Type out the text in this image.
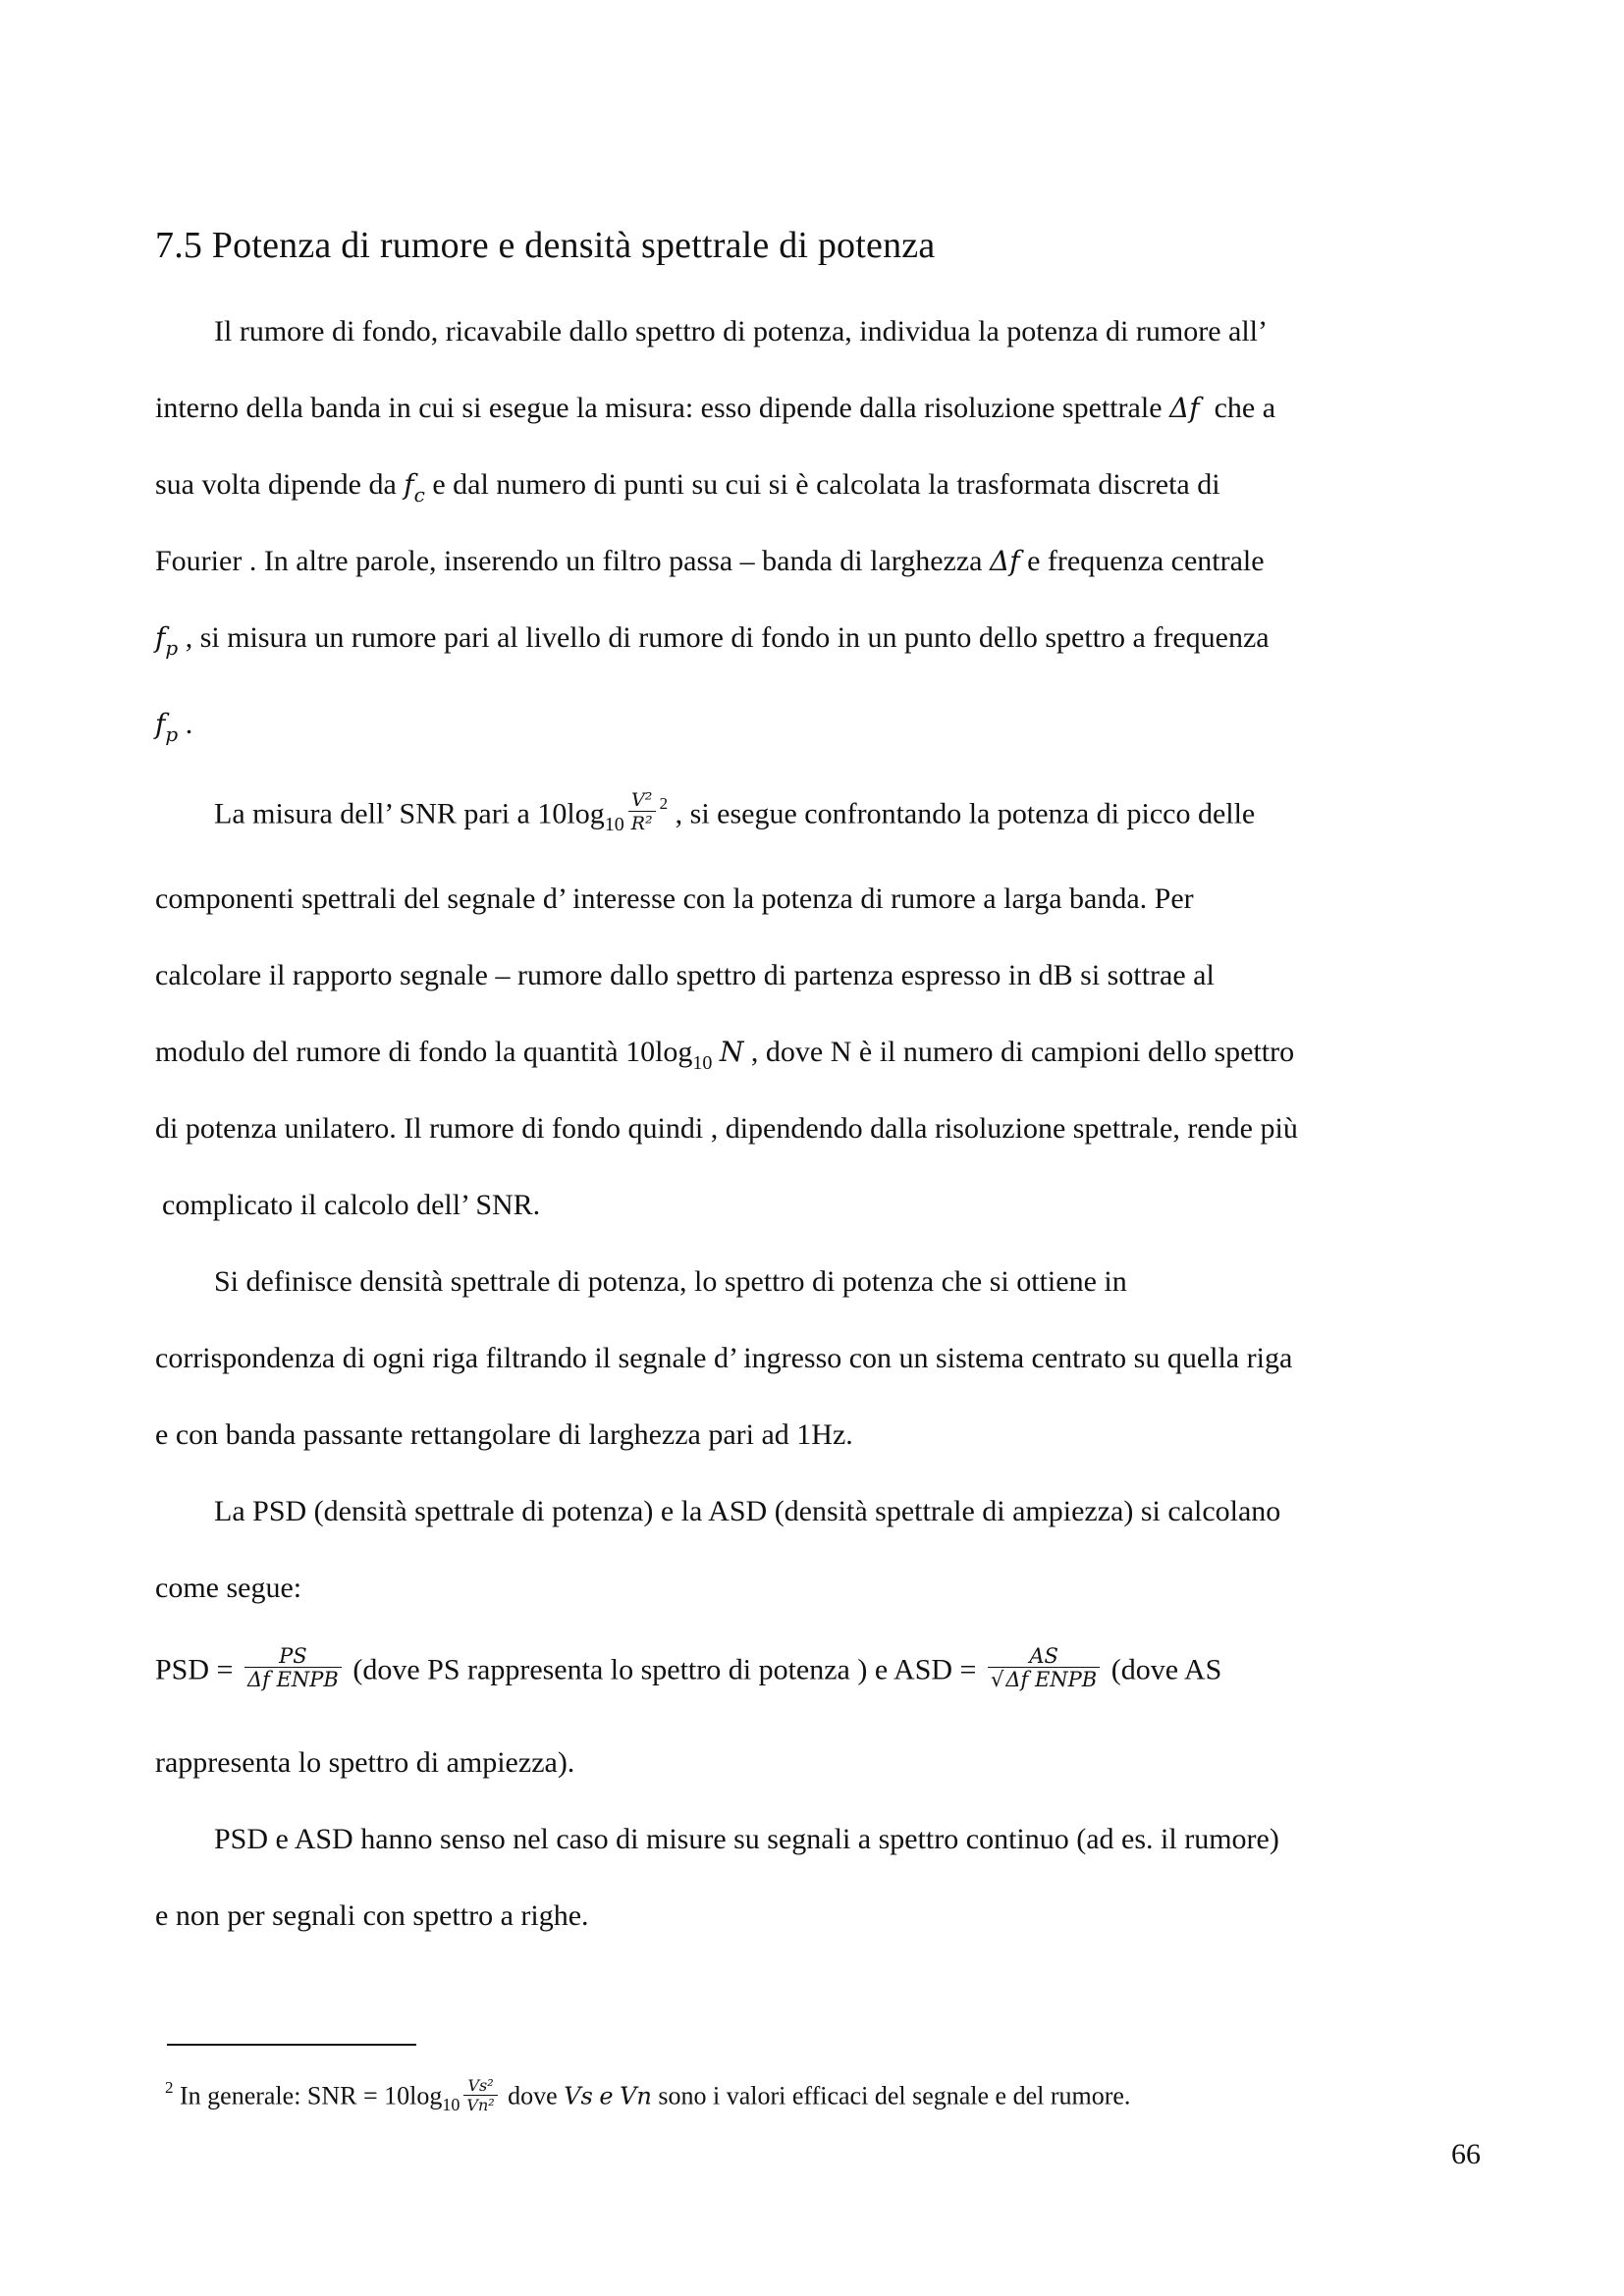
7.5 Potenza di rumore e densità spettrale di potenza
Il rumore di fondo, ricavabile dallo spettro di potenza, individua la potenza di rumore all’
interno della banda in cui si esegue la misura: esso dipende dalla risoluzione spettrale Δf che a
sua volta dipende da $f_c$ e dal numero di punti su cui si è calcolata la trasformata discreta di
Fourier . In altre parole, inserendo un filtro passa – banda di larghezza Δf e frequenza centrale
$f_p$ , si misura un rumore pari al livello di rumore di fondo in un punto dello spettro a frequenza
$f_p$ .
La misura dell’ SNR pari a $10\log_{10} \frac{\text{V²}}{\text{R²}} ^2$ , si esegue confrontando la potenza di picco delle
componenti spettrali del segnale d’ interesse con la potenza di rumore a larga banda. Per
calcolare il rapporto segnale – rumore dallo spettro di partenza espresso in dB si sottrae al
modulo del rumore di fondo la quantità $10\log_{10}$ N , dove N è il numero di campioni dello spettro
di potenza unilatero. Il rumore di fondo quindi , dipendendo dalla risoluzione spettrale, rende più
complicato il calcolo dell’ SNR.
Si definisce densità spettrale di potenza, lo spettro di potenza che si ottiene in
corrispondenza di ogni riga filtrando il segnale d’ ingresso con un sistema centrato su quella riga
e con banda passante rettangolare di larghezza pari ad 1Hz.
La PSD (densità spettrale di potenza) e la ASD (densità spettrale di ampiezza) si calcolano
come segue:
PSD = $\frac{PS}{\text{Δf ENPB}}$ (dove PS rappresenta lo spettro di potenza ) e ASD = $\frac{AS}{\text{√Δf ENPB}}$ (dove AS
rappresenta lo spettro di ampiezza).
PSD e ASD hanno senso nel caso di misure su segnali a spettro continuo (ad es. il rumore)
e non per segnali con spettro a righe.
$^2$ In generale: SNR = $10\log_{10} \frac{\text{Vs²}}{\text{Vn²}}$ dove Vs e Vn sono i valori efficaci del segnale e del rumore.
66
